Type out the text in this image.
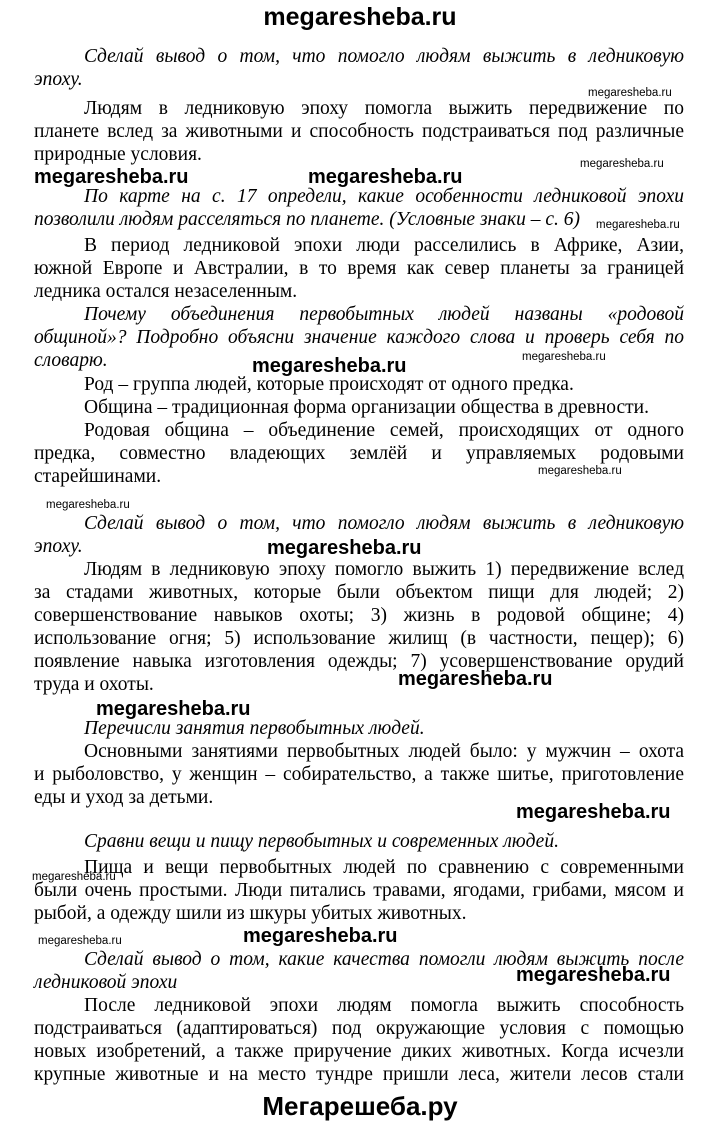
megaresheba.ru
Сделай вывод о том, что помогло людям выжить в ледниковую
эпоху.
Людям в ледниковую эпоху помогла выжить передвижение по
планете вслед за животными и способность подстраиваться под различные
природные условия.
По карте на с. 17 определи, какие особенности ледниковой эпохи
позволили людям расселяться по планете. (Условные знаки – с. 6)
В период ледниковой эпохи люди расселились в Африке, Азии,
южной Европе и Австралии, в то время как север планеты за границей
ледника остался незаселенным.
Почему объединения первобытных людей названы «родовой
общиной»? Подробно объясни значение каждого слова и проверь себя по
словарю.
Род – группа людей, которые происходят от одного предка.
Община – традиционная форма организации общества в древности.
Родовая община – объединение семей, происходящих от одного
предка, совместно владеющих землёй и управляемых родовыми
старейшинами.
Сделай вывод о том, что помогло людям выжить в ледниковую
эпоху.
Людям в ледниковую эпоху помогло выжить 1) передвижение вслед
за стадами животных, которые были объектом пищи для людей; 2)
совершенствование навыков охоты; 3) жизнь в родовой общине; 4)
использование огня; 5) использование жилищ (в частности, пещер); 6)
появление навыка изготовления одежды; 7) усовершенствование орудий
труда и охоты.
Перечисли занятия первобытных людей.
Основными занятиями первобытных людей было: у мужчин – охота
и рыболовство, у женщин – собирательство, а также шитье, приготовление
еды и уход за детьми.
Сравни вещи и пищу первобытных и современных людей.
Пища и вещи первобытных людей по сравнению с современными
были очень простыми. Люди питались травами, ягодами, грибами, мясом и
рыбой, а одежду шили из шкуры убитых животных.
Сделай вывод о том, какие качества помогли людям выжить после
ледниковой эпохи
После ледниковой эпохи людям помогла выжить способность
подстраиваться (адаптироваться) под окружающие условия с помощью
новых изобретений, а также приручение диких животных. Когда исчезли
крупные животные и на место тундре пришли леса, жители лесов стали
megaresheba.ru
megaresheba.ru	megaresheba.ru
megaresheba.ru
megaresheba.ru
megaresheba.ru	megaresheba.ru
megaresheba.ru
megaresheba.ru
megaresheba.ru
megaresheba.ru
megaresheba.ru
megaresheba.ru
megaresheba.ru
megaresheba.ru
megaresheba.ru
megaresheba.ru
Мегарешеба.ру
